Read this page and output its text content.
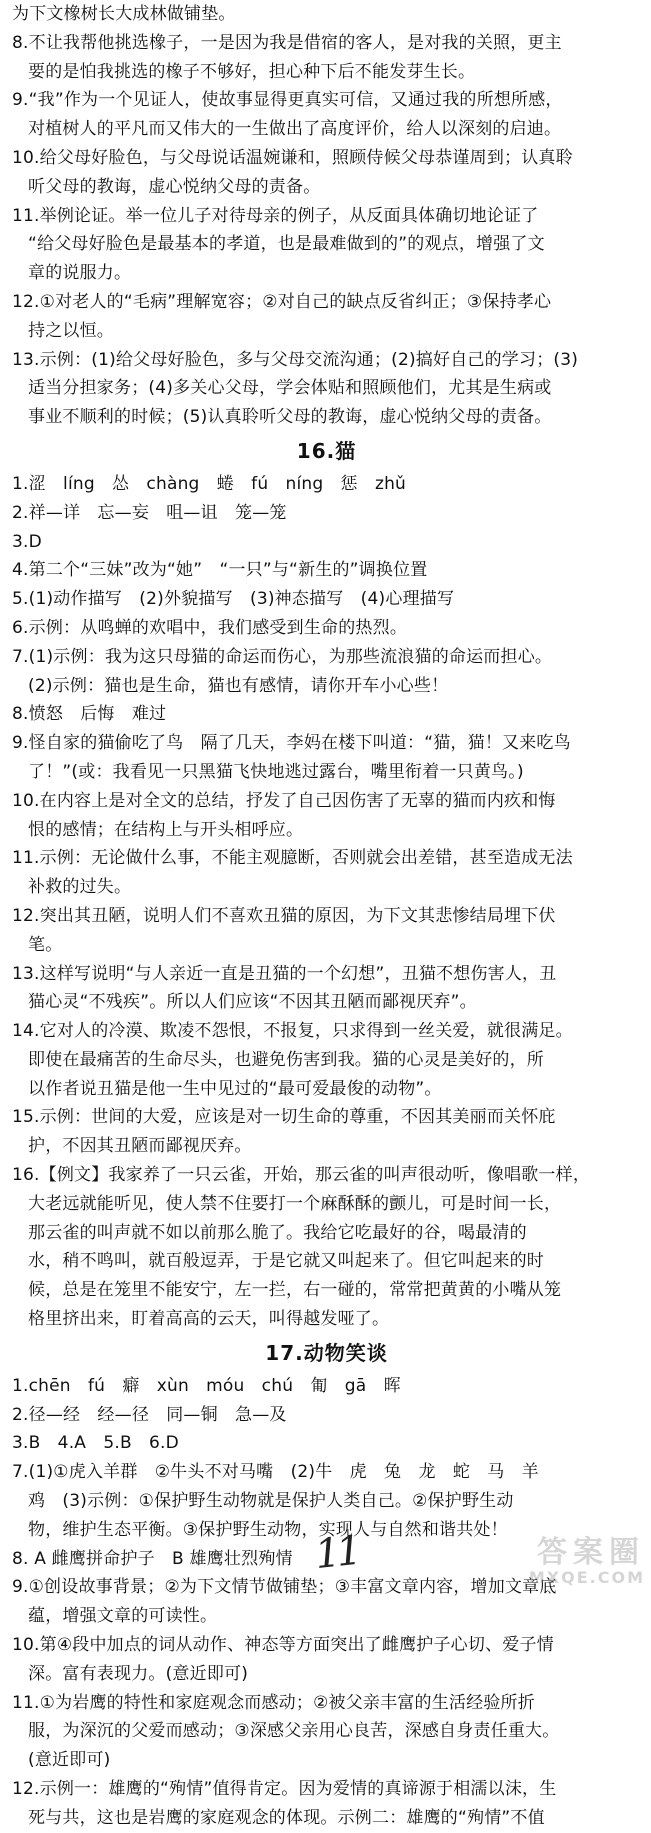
为下文橡树长大成林做铺垫。
8.不让我帮他挑选橡子，一是因为我是借宿的客人，是对我的关照，更主
要的是怕我挑选的橡子不够好，担心种下后不能发芽生长。
9.“我”作为一个见证人，使故事显得更真实可信，又通过我的所想所感，
对植树人的平凡而又伟大的一生做出了高度评价，给人以深刻的启迪。
10.给父母好脸色，与父母说话温婉谦和，照顾侍候父母恭谨周到；认真聆
听父母的教诲，虚心悦纳父母的责备。
11.举例论证。举一位儿子对待母亲的例子，从反面具体确切地论证了
“给父母好脸色是最基本的孝道，也是最难做到的”的观点，增强了文
章的说服力。
12.①对老人的“毛病”理解宽容；②对自己的缺点反省纠正；③保持孝心
持之以恒。
13.示例：(1)给父母好脸色，多与父母交流沟通；(2)搞好自己的学习；(3)
适当分担家务；(4)多关心父母，学会体贴和照顾他们，尤其是生病或
事业不顺利的时候；(5)认真聆听父母的教诲，虚心悦纳父母的责备。
16.猫
1.涩　líng　怂　chàng　蜷　fú　níng　惩　zhǔ
2.祥—详　忘—妄　咀—诅　笼—笼
3.D
4.第二个“三妹”改为“她”　“一只”与“新生的”调换位置
5.(1)动作描写　(2)外貌描写　(3)神态描写　(4)心理描写
6.示例：从鸣蝉的欢唱中，我们感受到生命的热烈。
7.(1)示例：我为这只母猫的命运而伤心，为那些流浪猫的命运而担心。
(2)示例：猫也是生命，猫也有感情，请你开车小心些！
8.愤怒　后悔　难过
9.怪自家的猫偷吃了鸟　隔了几天，李妈在楼下叫道：“猫，猫！又来吃鸟
了！”(或：我看见一只黑猫飞快地逃过露台，嘴里衔着一只黄鸟。)
10.在内容上是对全文的总结，抒发了自己因伤害了无辜的猫而内疚和悔
恨的感情；在结构上与开头相呼应。
11.示例：无论做什么事，不能主观臆断，否则就会出差错，甚至造成无法
补救的过失。
12.突出其丑陋，说明人们不喜欢丑猫的原因，为下文其悲惨结局埋下伏
笔。
13.这样写说明“与人亲近一直是丑猫的一个幻想”，丑猫不想伤害人，丑
猫心灵“不残疾”。所以人们应该“不因其丑陋而鄙视厌弃”。
14.它对人的冷漠、欺凌不怨恨，不报复，只求得到一丝关爱，就很满足。
即使在最痛苦的生命尽头，也避免伤害到我。猫的心灵是美好的，所
以作者说丑猫是他一生中见过的“最可爱最俊的动物”。
15.示例：世间的大爱，应该是对一切生命的尊重，不因其美丽而关怀庇
护，不因其丑陋而鄙视厌弃。
16.【例文】我家养了一只云雀，开始，那云雀的叫声很动听，像唱歌一样，
大老远就能听见，使人禁不住要打一个麻酥酥的颤儿，可是时间一长，
那云雀的叫声就不如以前那么脆了。我给它吃最好的谷，喝最清的
水，稍不鸣叫，就百般逗弄，于是它就又叫起来了。但它叫起来的时
候，总是在笼里不能安宁，左一拦，右一碰的，常常把黄黄的小嘴从笼
格里挤出来，盯着高高的云天，叫得越发哑了。
17.动物笑谈
1.chēn　fú　癖　xùn　móu　chú　匍　gā　晖
2.径—经　经—径　同—铜　急—及
3.B　4.A　5.B　6.D
7.(1)①虎入羊群　②牛头不对马嘴　(2)牛　虎　兔　龙　蛇　马　羊
鸡　(3)示例：①保护野生动物就是保护人类自己。②保护野生动
物，维护生态平衡。③保护野生动物，实现人与自然和谐共处！
8. A 雌鹰拼命护子　B 雄鹰壮烈殉情
9.①创设故事背景；②为下文情节做铺垫；③丰富文章内容，增加文章底
蕴，增强文章的可读性。
10.第④段中加点的词从动作、神态等方面突出了雌鹰护子心切、爱子情
深。富有表现力。(意近即可)
11.①为岩鹰的特性和家庭观念而感动；②被父亲丰富的生活经验所折
服，为深沉的父爱而感动；③深感父亲用心良苦，深感自身责任重大。
(意近即可)
12.示例一：雄鹰的“殉情”值得肯定。因为爱情的真谛源于相濡以沫，生
死与共，这也是岩鹰的家庭观念的体现。示例二：雄鹰的“殉情”不值
11	答案圈
MXQE.COM
